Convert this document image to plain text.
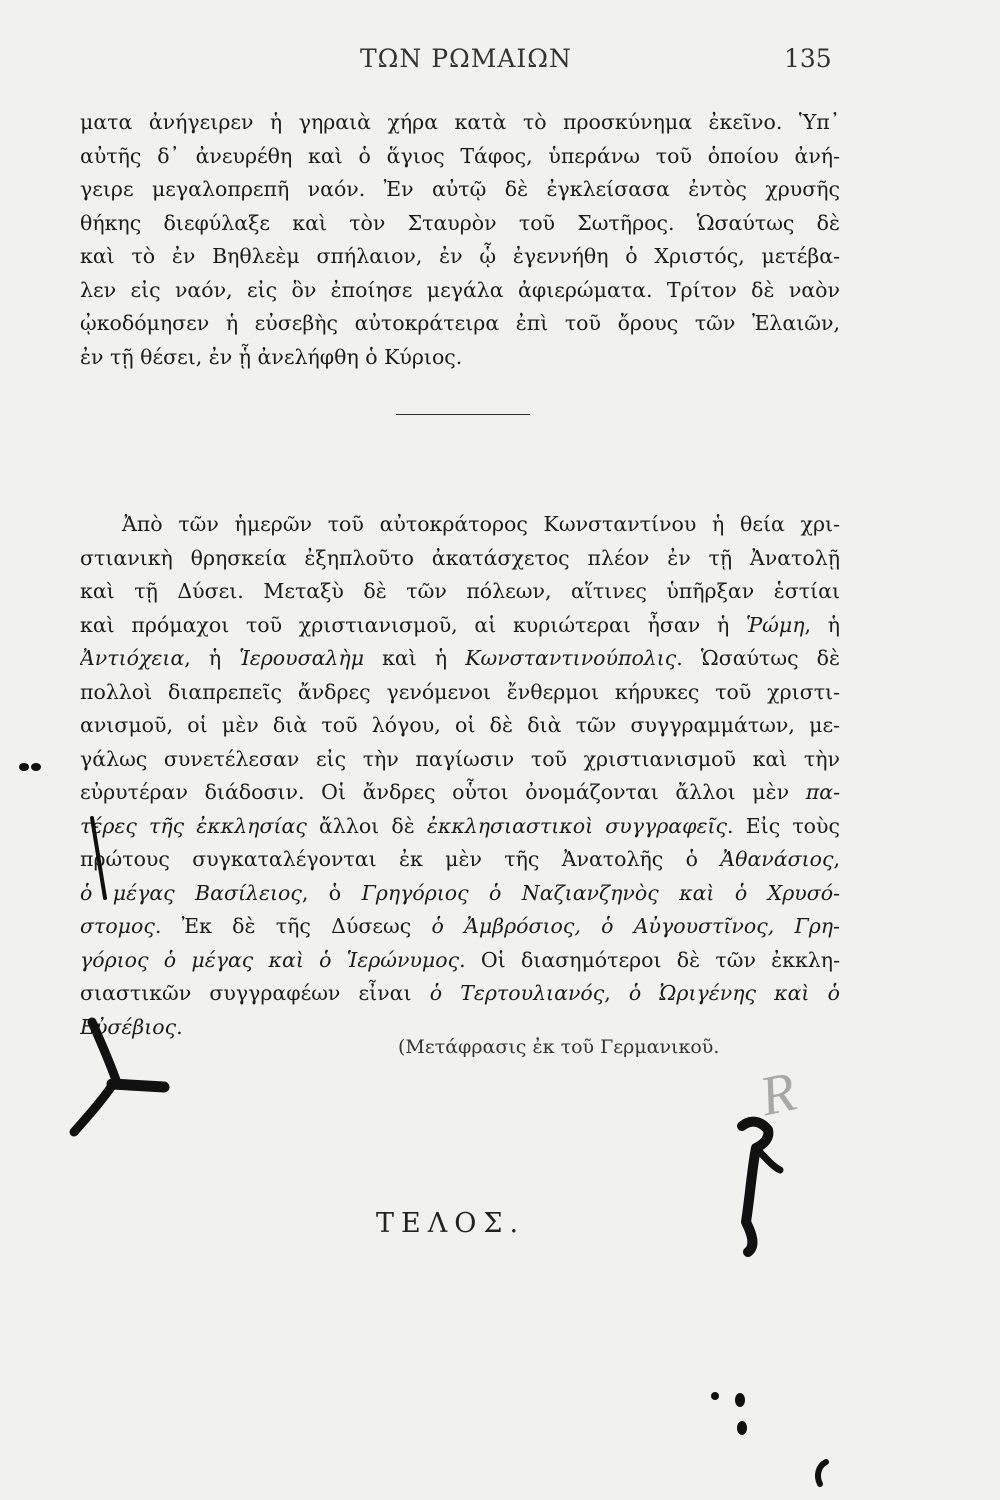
ΤΩΝ ΡΩΜΑΙΩΝ	135
ματα ἀνήγειρεν ἡ γηραιὰ χήρα κατὰ τὸ προσκύνημα ἐκεῖνο. Ὑπ᾿
αὐτῆς δ᾿ ἀνευρέθη καὶ ὁ ἅγιος Τάφος, ὑπεράνω τοῦ ὁποίου ἀνή-
γειρε μεγαλοπρεπῆ ναόν. Ἐν αὐτῷ δὲ ἐγκλείσασα ἐντὸς χρυσῆς
θήκης διεφύλαξε καὶ τὸν Σταυρὸν τοῦ Σωτῆρος. Ὡσαύτως δὲ
καὶ τὸ ἐν Βηθλεὲμ σπήλαιον, ἐν ᾧ ἐγεννήθη ὁ Χριστός, μετέβα-
λεν εἰς ναόν, εἰς ὃν ἐποίησε μεγάλα ἀφιερώματα. Τρίτον δὲ ναὸν
ᾠκοδόμησεν ἡ εὐσεβὴς αὐτοκράτειρα ἐπὶ τοῦ ὄρους τῶν Ἐλαιῶν,
ἐν τῇ θέσει, ἐν ᾗ ἀνελήφθη ὁ Κύριος.
Ἀπὸ τῶν ἡμερῶν τοῦ αὐτοκράτορος Κωνσταντίνου ἡ θεία χρι-
στιανικὴ θρησκεία ἐξηπλοῦτο ἀκατάσχετος πλέον ἐν τῇ Ἀνατολῇ
καὶ τῇ Δύσει. Μεταξὺ δὲ τῶν πόλεων, αἵτινες ὑπῆρξαν ἑστίαι
καὶ πρόμαχοι τοῦ χριστιανισμοῦ, αἱ κυριώτεραι ἦσαν ἡ Ῥώμη, ἡ
Ἀντιόχεια, ἡ Ἱερουσαλὴμ καὶ ἡ Κωνσταντινούπολις. Ὡσαύτως δὲ
πολλοὶ διαπρεπεῖς ἄνδρες γενόμενοι ἔνθερμοι κήρυκες τοῦ χριστι-
ανισμοῦ, οἱ μὲν διὰ τοῦ λόγου, οἱ δὲ διὰ τῶν συγγραμμάτων, με-
γάλως συνετέλεσαν εἰς τὴν παγίωσιν τοῦ χριστιανισμοῦ καὶ τὴν
εὐρυτέραν διάδοσιν. Οἱ ἄνδρες οὗτοι ὀνομάζονται ἄλλοι μὲν πα-
τέρες τῆς ἐκκλησίας ἄλλοι δὲ ἐκκλησιαστικοὶ συγγραφεῖς. Εἰς τοὺς
πρώτους συγκαταλέγονται ἐκ μὲν τῆς Ἀνατολῆς ὁ Ἀθανάσιος,
ὁ μέγας Βασίλειος, ὁ Γρηγόριος ὁ Ναζιανζηνὸς καὶ ὁ Χρυσό-
στομος. Ἐκ δὲ τῆς Δύσεως ὁ Ἀμβρόσιος, ὁ Αὐγουστῖνος, Γρη-
γόριος ὁ μέγας καὶ ὁ Ἱερώνυμος. Οἱ διασημότεροι δὲ τῶν ἐκκλη-
σιαστικῶν συγγραφέων εἶναι ὁ Τερτουλιανός, ὁ Ὠριγένης καὶ ὁ
Εὐσέβιος.
(Μετάφρασις ἐκ τοῦ Γερμανικοῦ.
ΤΕΛΟΣ.
R
